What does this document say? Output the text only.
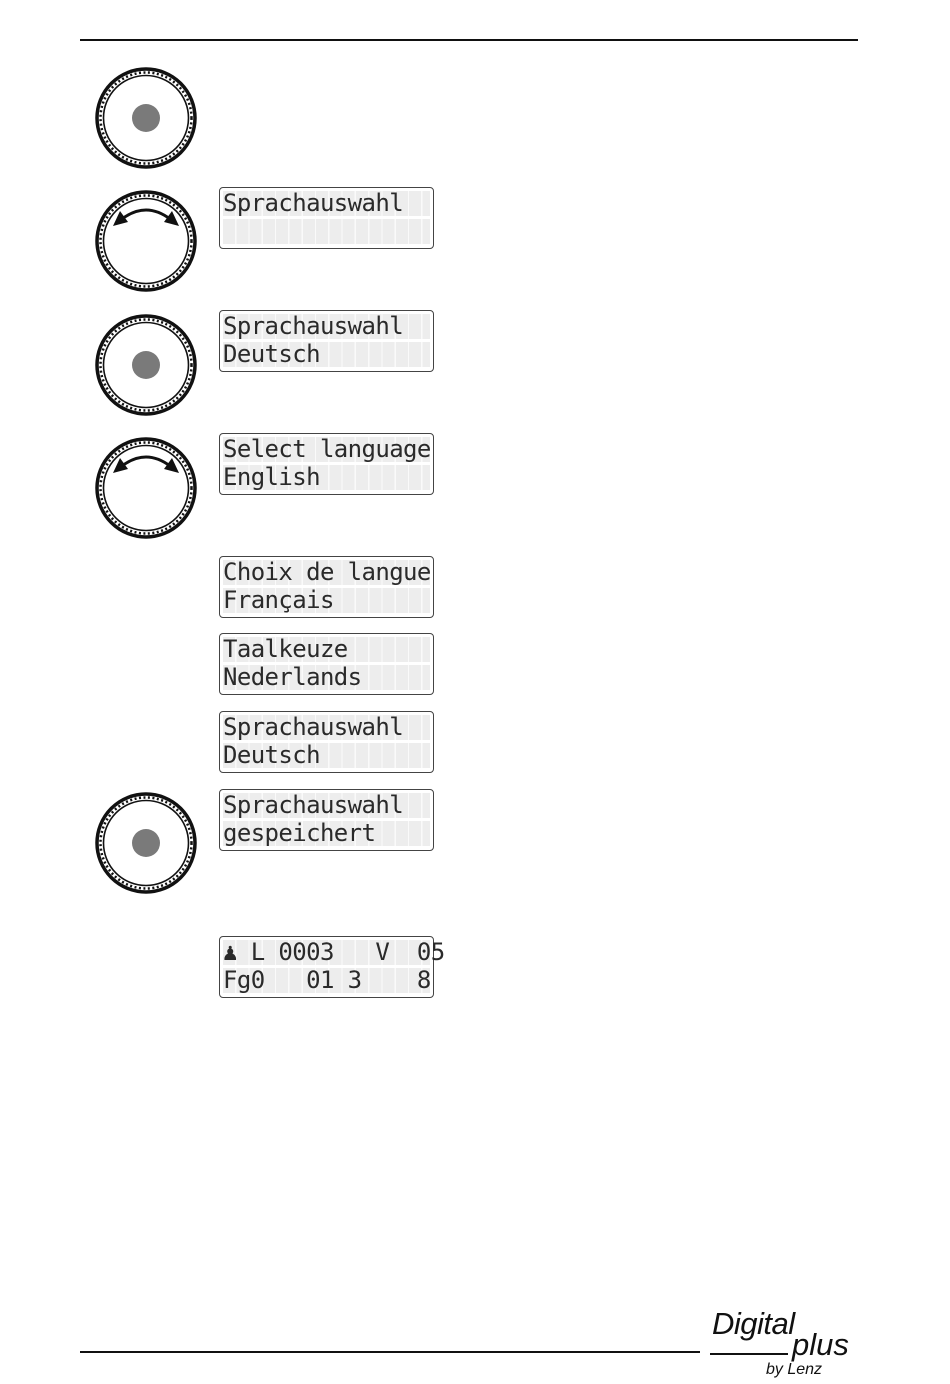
Sprachauswahl
Sprachauswahl
Deutsch
Select language
English
Choix de langue
Français
Taalkeuze
Nederlands
Sprachauswahl
Deutsch
Sprachauswahl
gespeichert
♟ L 0003   V  05
Fg0   01 3    8
Digital
plus
by Lenz
